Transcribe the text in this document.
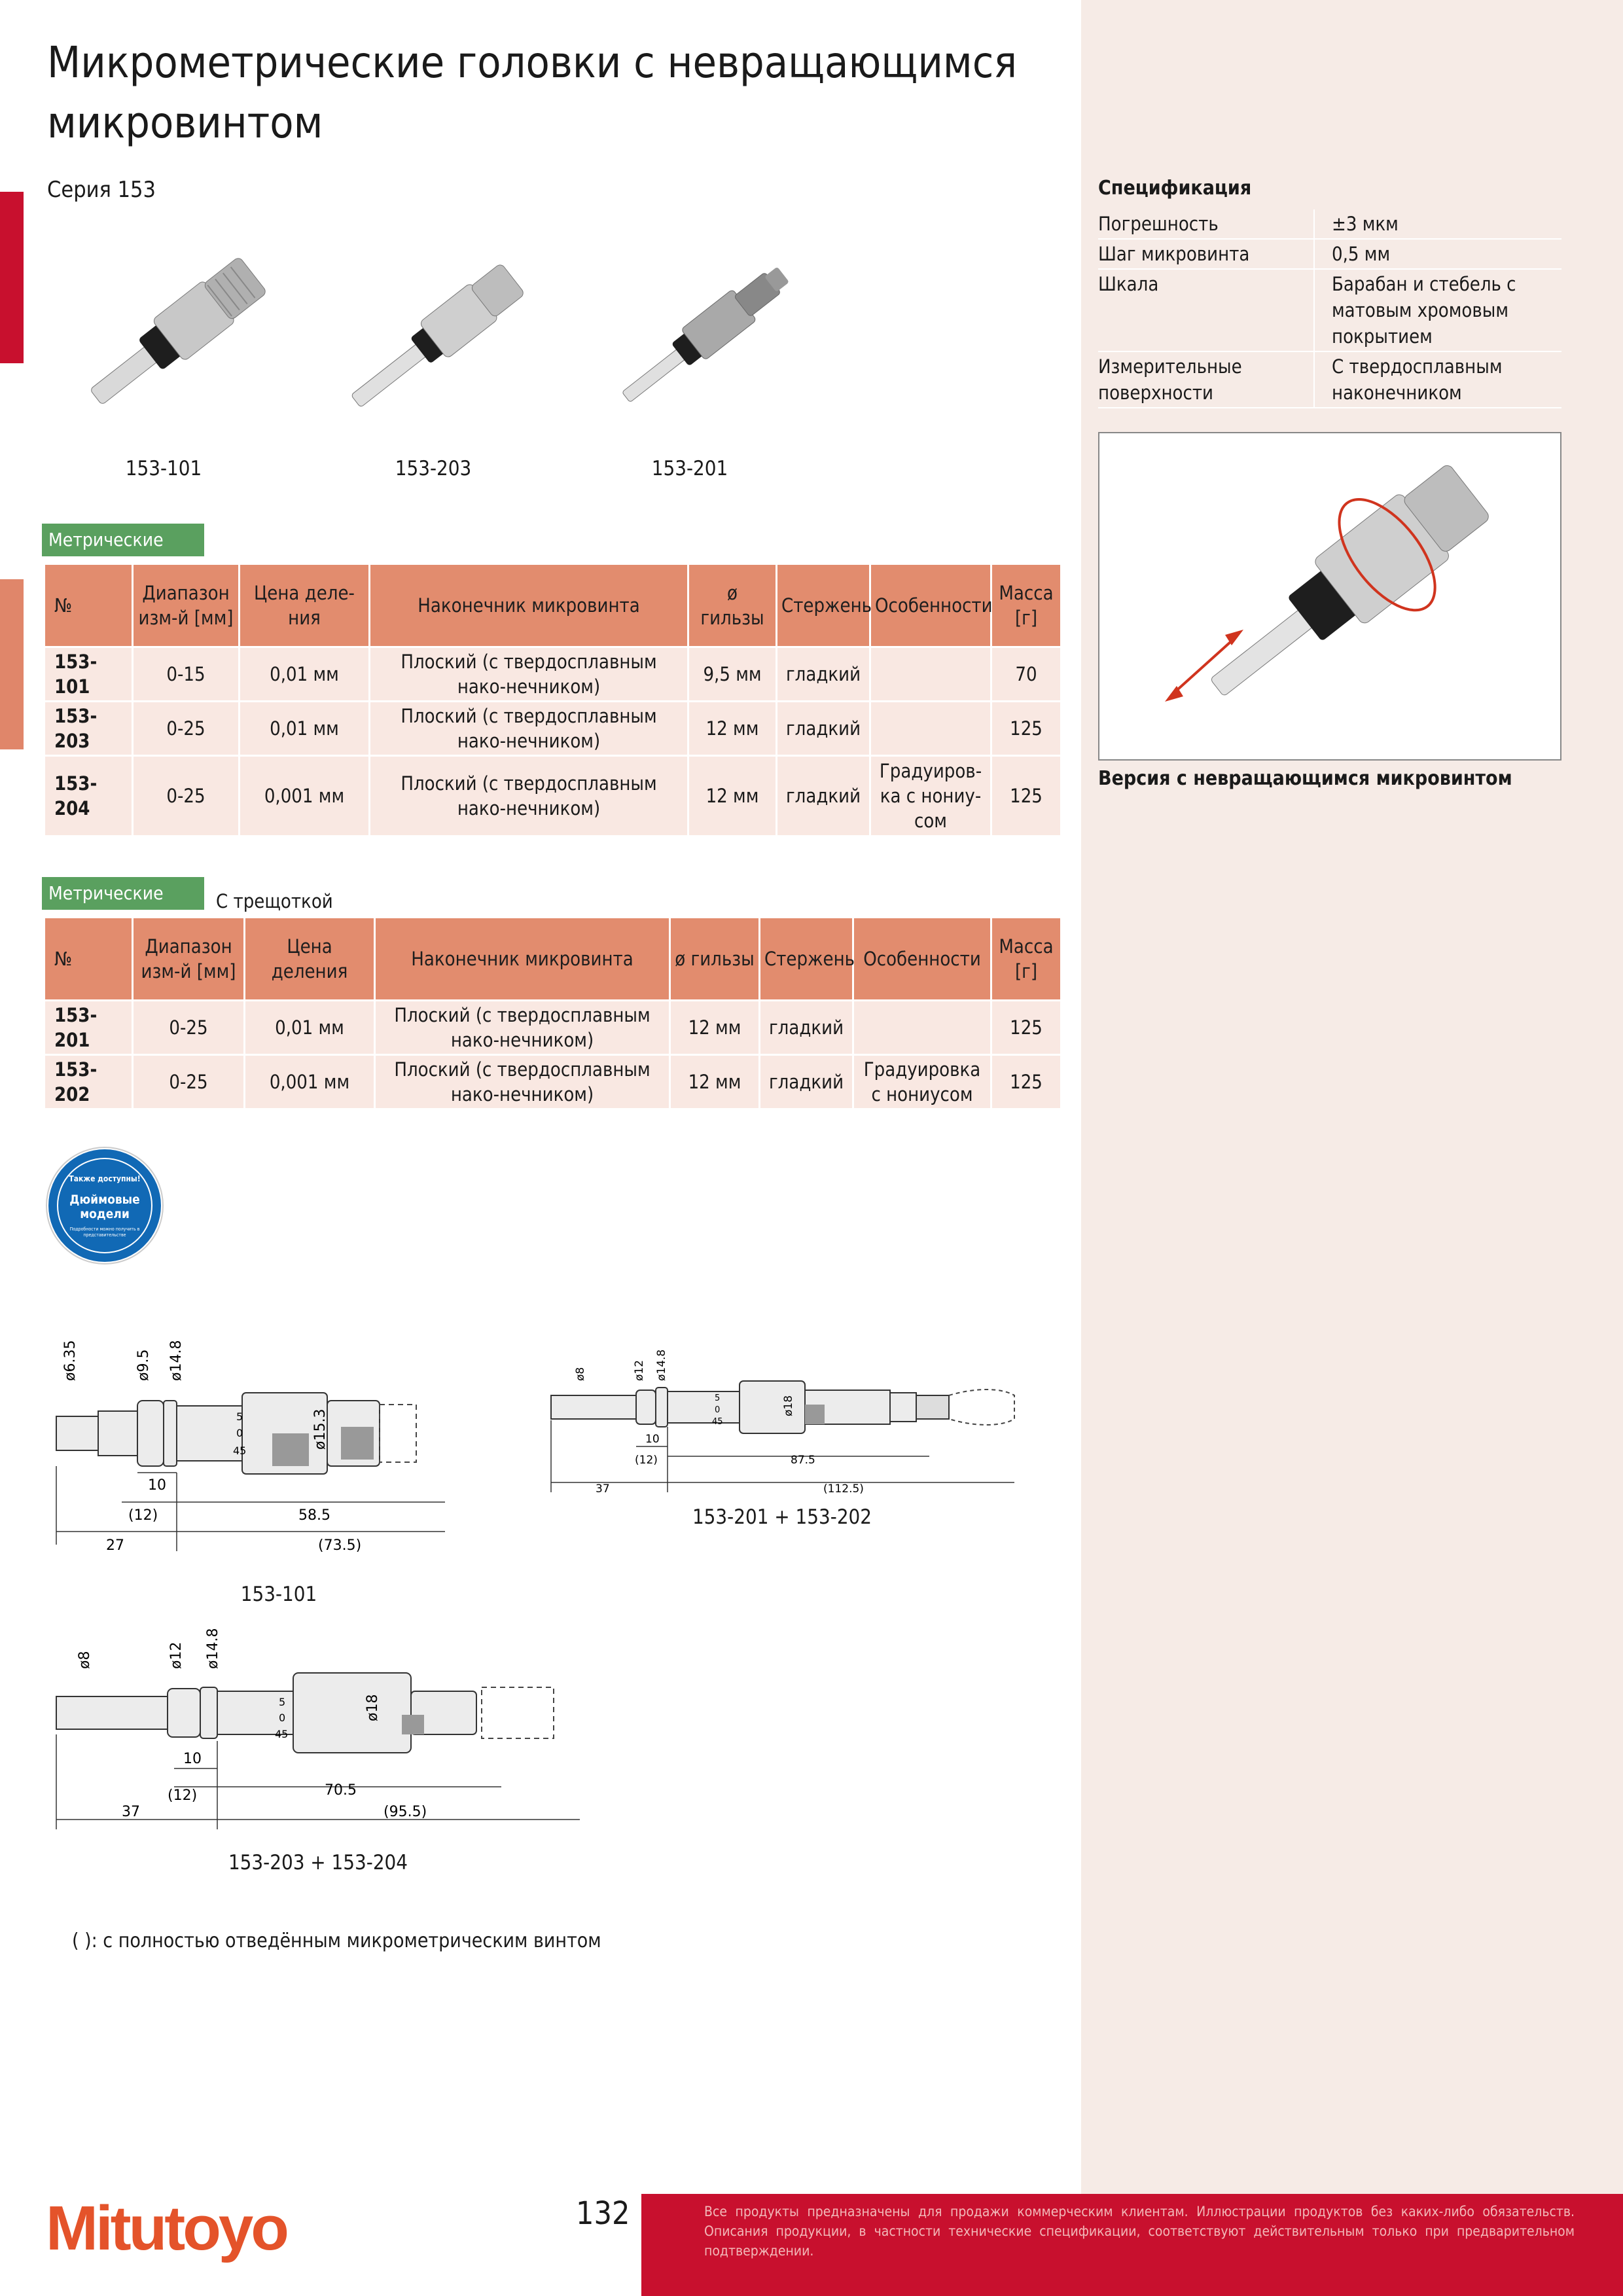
Микрометрические головки с невращающимся микровинтом
Серия 153
153-101	153-203	153-201
Метрические
№	Диапазон изм-й [мм]	Цена деле-ния	Наконечник микровинта	ø гильзы	Стержень	Особенности	Масса [г]
153-101	0-15	0,01 мм	Плоский (с твердосплавным нако-нечником)	9,5 мм	гладкий		70
153-203	0-25	0,01 мм	Плоский (с твердосплавным нако-нечником)	12 мм	гладкий		125
153-204	0-25	0,001 мм	Плоский (с твердосплавным нако-нечником)	12 мм	гладкий	Градуиров-ка с нониу-сом	125
Метрические	С трещоткой
№	Диапазон изм-й [мм]	Цена деления	Наконечник микровинта	ø гильзы	Стержень	Особенности	Масса [г]
153-201	0-25	0,01 мм	Плоский (с твердосплавным нако-нечником)	12 мм	гладкий		125
153-202	0-25	0,001 мм	Плоский (с твердосплавным нако-нечником)	12 мм	гладкий	Градуировка с нониусом	125
Спецификация
Погрешность	±3 мкм
Шаг микровинта	0,5 мм
Шкала	Барабан и стебель с матовым хромовым покрытием
Измерительные поверхности	С твердосплавным наконечником
Версия с невращающимся микровинтом
Также доступны!
Дюймовые модели
Подробности можно получить в представительстве
ø6.35	ø9.5 ø14.8
ø15.3
5
0
45
10
(12)	58.5
27	(73.5)
153-101
ø8	ø12 ø14.8
ø18
5
0
45
10
(12)	87.5
37	(112.5)
153-201 + 153-202
ø8	ø12 ø14.8
ø18
5
0
45
10
(12)	70.5
37	(95.5)
153-203 + 153-204
( ): с полностью отведённым микрометрическим винтом
Mitutoyo	132	Все продукты предназначены для продажи коммерческим клиентам. Иллюстрации продуктов без каких-либо обязательств. Описания продукции, в частности технические спецификации, соответствуют действительным только при предварительном подтверждении.
